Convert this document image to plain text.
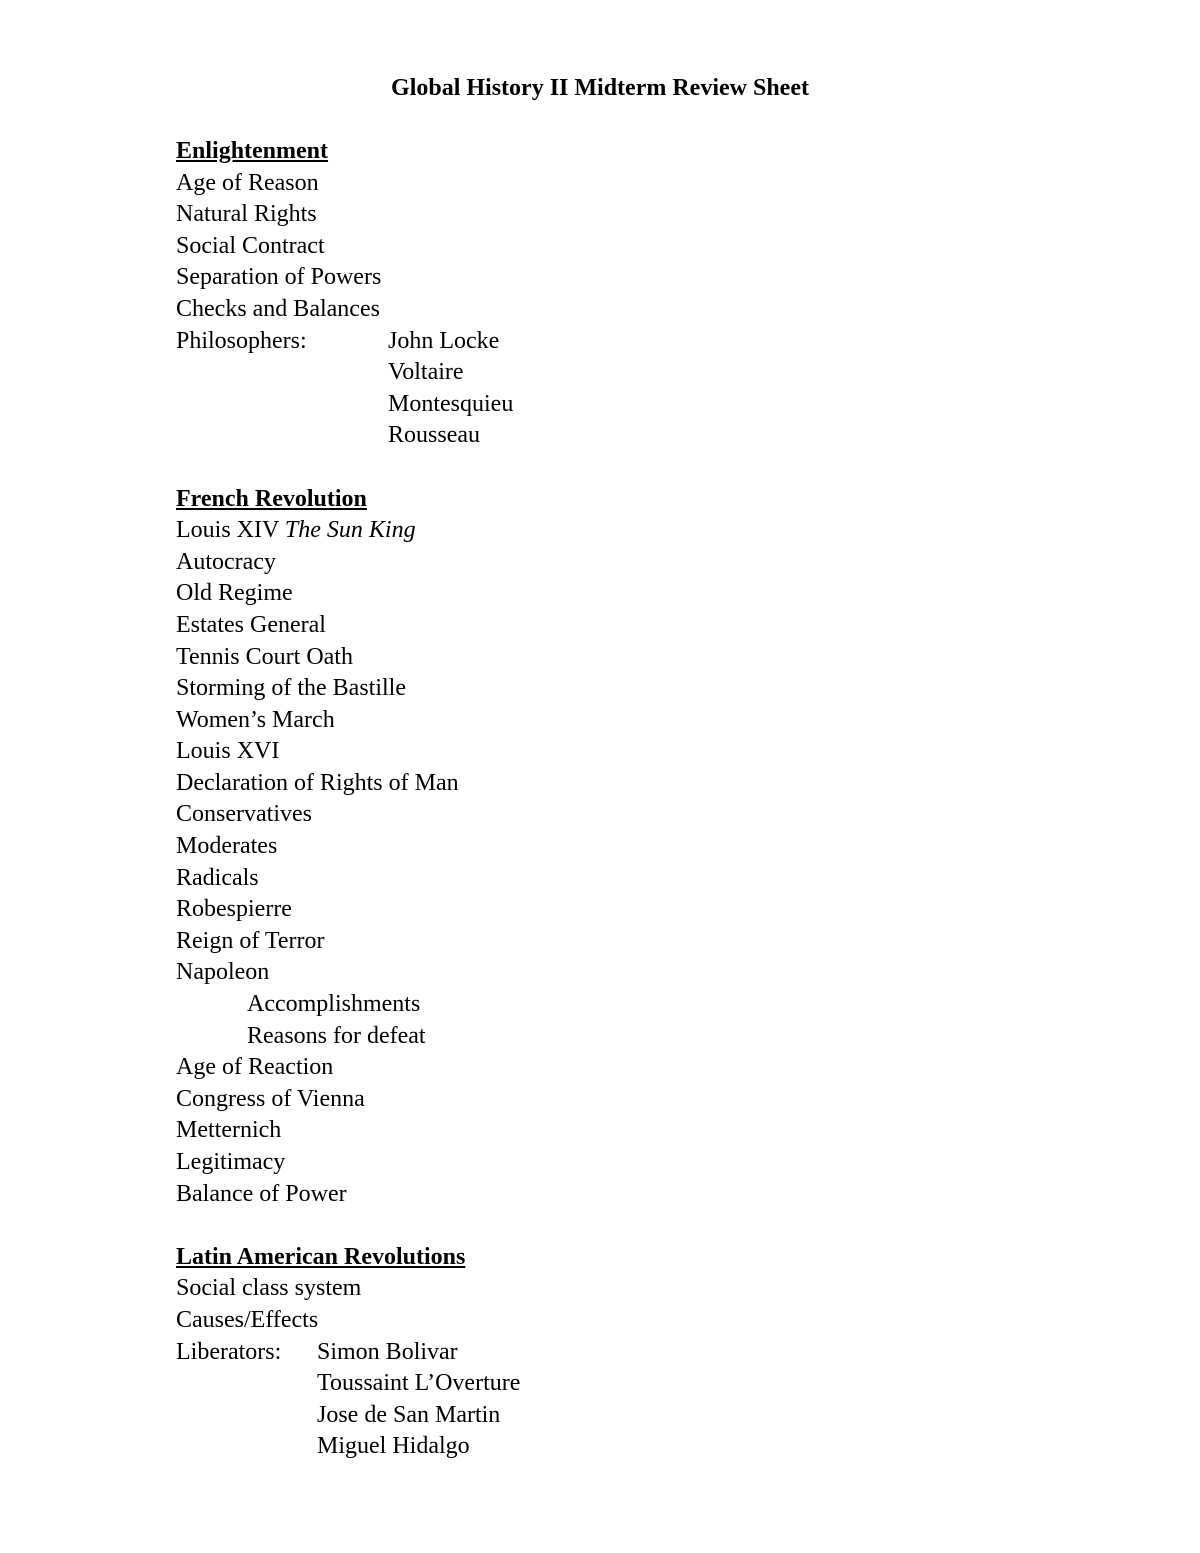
Global History II Midterm Review Sheet
Enlightenment
Age of Reason
Natural Rights
Social Contract
Separation of Powers
Checks and Balances
Philosophers:	John Locke
Voltaire
Montesquieu
Rousseau
French Revolution
Louis XIV The Sun King
Autocracy
Old Regime
Estates General
Tennis Court Oath
Storming of the Bastille
Women’s March
Louis XVI
Declaration of Rights of Man
Conservatives
Moderates
Radicals
Robespierre
Reign of Terror
Napoleon
Accomplishments
Reasons for defeat
Age of Reaction
Congress of Vienna
Metternich
Legitimacy
Balance of Power
Latin American Revolutions
Social class system
Causes/Effects
Liberators: Simon Bolivar
Toussaint L’Overture
Jose de San Martin
Miguel Hidalgo
